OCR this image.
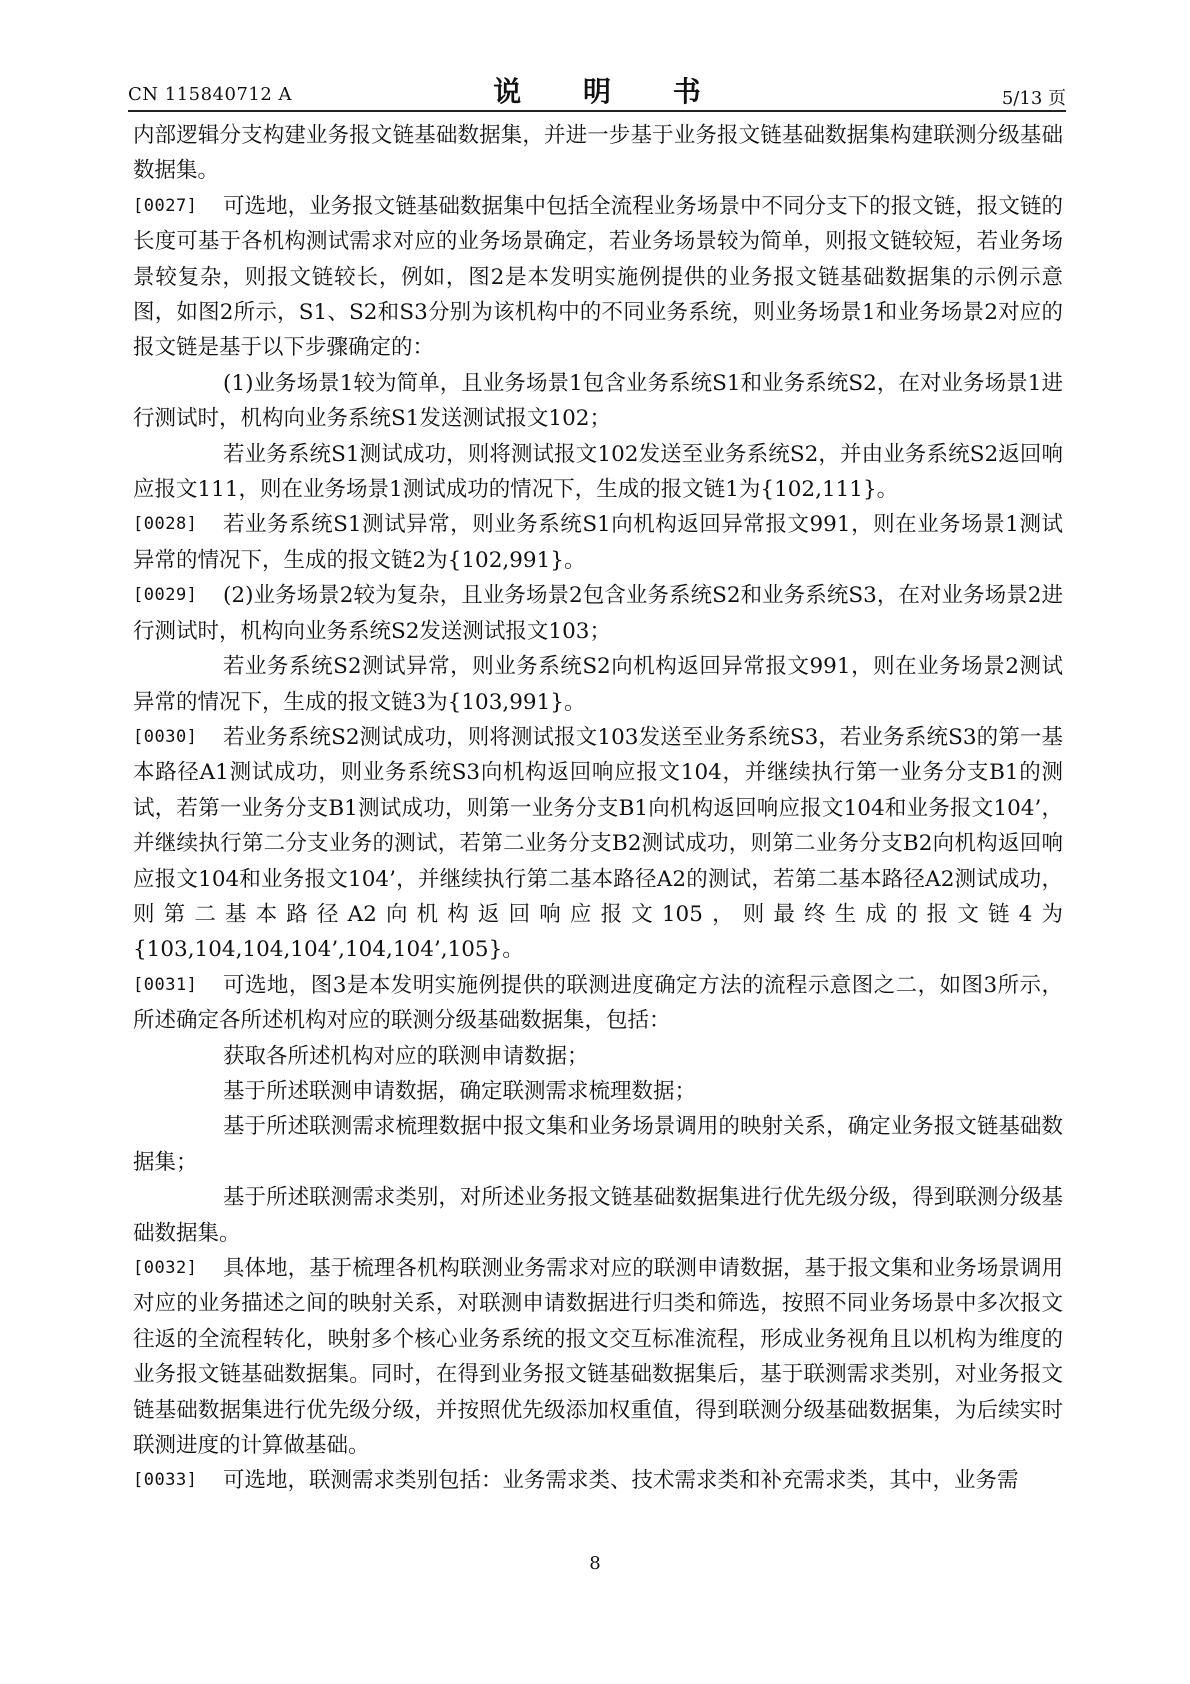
CN 115840712 A	说 明 书	5/13 页

内部逻辑分支构建业务报文链基础数据集，并进一步基于业务报文链基础数据集构建联测分级基础数据集。

[0027] 可选地，业务报文链基础数据集中包括全流程业务场景中不同分支下的报文链，报文链的长度可基于各机构测试需求对应的业务场景确定，若业务场景较为简单，则报文链较短，若业务场景较复杂，则报文链较长，例如，图2是本发明实施例提供的业务报文链基础数据集的示例示意图，如图2所示，S1、S2和S3分别为该机构中的不同业务系统，则业务场景1和业务场景2对应的报文链是基于以下步骤确定的：

(1)业务场景1较为简单，且业务场景1包含业务系统S1和业务系统S2，在对业务场景1进行测试时，机构向业务系统S1发送测试报文102；

若业务系统S1测试成功，则将测试报文102发送至业务系统S2，并由业务系统S2返回响应报文111，则在业务场景1测试成功的情况下，生成的报文链1为{102,111}。

[0028] 若业务系统S1测试异常，则业务系统S1向机构返回异常报文991，则在业务场景1测试异常的情况下，生成的报文链2为{102,991}。

[0029] (2)业务场景2较为复杂，且业务场景2包含业务系统S2和业务系统S3，在对业务场景2进行测试时，机构向业务系统S2发送测试报文103；

若业务系统S2测试异常，则业务系统S2向机构返回异常报文991，则在业务场景2测试异常的情况下，生成的报文链3为{103,991}。

[0030] 若业务系统S2测试成功，则将测试报文103发送至业务系统S3，若业务系统S3的第一基本路径A1测试成功，则业务系统S3向机构返回响应报文104，并继续执行第一业务分支B1的测试，若第一业务分支B1测试成功，则第一业务分支B1向机构返回响应报文104和业务报文104’，并继续执行第二分支业务的测试，若第二业务分支B2测试成功，则第二业务分支B2向机构返回响应报文104和业务报文104’，并继续执行第二基本路径A2的测试，若第二基本路径A2测试成功，则第二基本路径A2向机构返回响应报文105，则最终生成的报文链4为{103,104,104,104’,104,104’,105}。

[0031] 可选地，图3是本发明实施例提供的联测进度确定方法的流程示意图之二，如图3所示，所述确定各所述机构对应的联测分级基础数据集，包括：

获取各所述机构对应的联测申请数据；

基于所述联测申请数据，确定联测需求梳理数据；

基于所述联测需求梳理数据中报文集和业务场景调用的映射关系，确定业务报文链基础数据集；

基于所述联测需求类别，对所述业务报文链基础数据集进行优先级分级，得到联测分级基础数据集。

[0032] 具体地，基于梳理各机构联测业务需求对应的联测申请数据，基于报文集和业务场景调用对应的业务描述之间的映射关系，对联测申请数据进行归类和筛选，按照不同业务场景中多次报文往返的全流程转化，映射多个核心业务系统的报文交互标准流程，形成业务视角且以机构为维度的业务报文链基础数据集。同时，在得到业务报文链基础数据集后，基于联测需求类别，对业务报文链基础数据集进行优先级分级，并按照优先级添加权重值，得到联测分级基础数据集，为后续实时联测进度的计算做基础。

[0033] 可选地，联测需求类别包括：业务需求类、技术需求类和补充需求类，其中，业务需

8
